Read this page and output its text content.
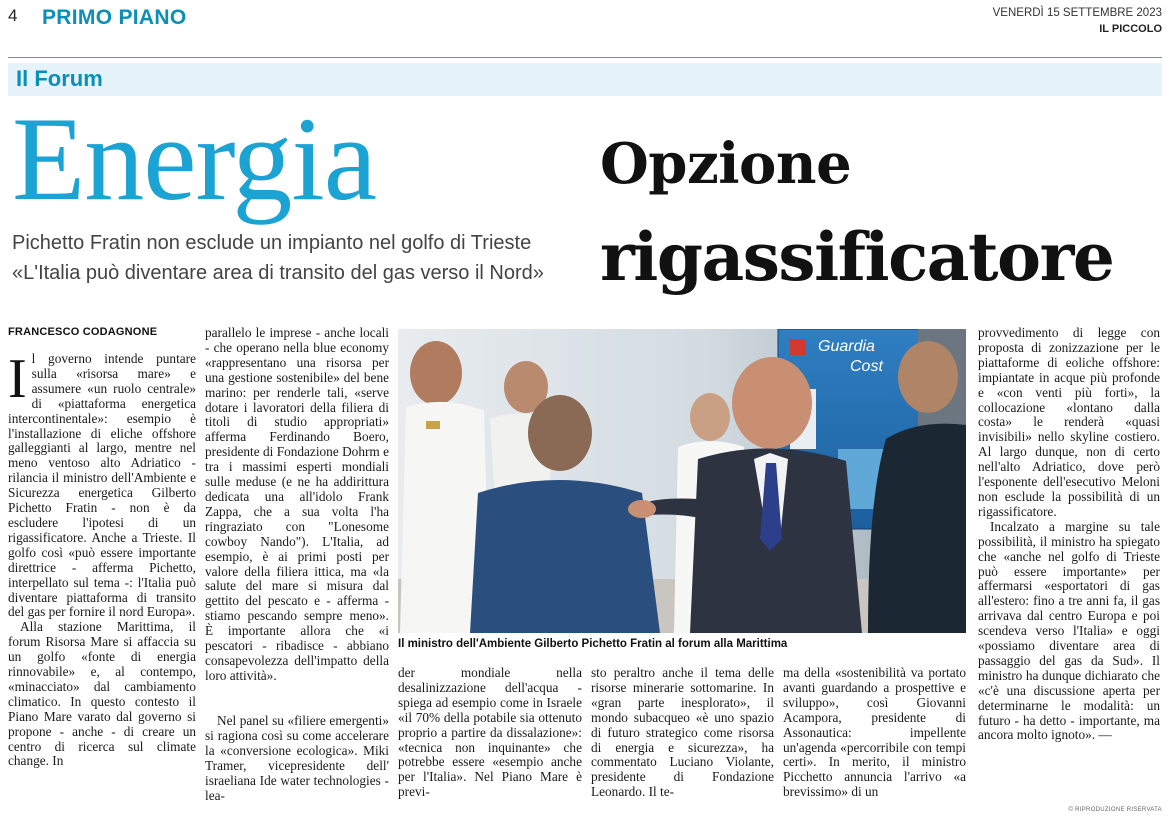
4 PRIMO PIANO	VENERDÌ 15 SETTEMBRE 2023
IL PICCOLO
Il Forum
Energia
Pichetto Fratin non esclude un impianto nel golfo di Trieste
«L'Italia può diventare area di transito del gas verso il Nord»
Opzione
rigassificatore
FRANCESCO CODAGNONE

Il governo intende puntare sulla «risorsa mare» e assumere «un ruolo centrale» di «piattaforma energetica intercontinentale»: esempio è l'installazione di eliche offshore galleggianti al largo, mentre nel meno ventoso alto Adriatico - rilancia il ministro dell'Ambiente e Sicurezza energetica Gilberto Pichetto Fratin - non è da escludere l'ipotesi di un rigassificatore. Anche a Trieste. Il golfo così «può essere importante direttrice - afferma Pichetto, interpellato sul tema -: l'Italia può diventare piattaforma di transito del gas per fornire il nord Europa».

Alla stazione Marittima, il forum Risorsa Mare si affaccia su un golfo «fonte di energia rinnovabile» e, al contempo, «minacciato» dal cambiamento climatico. In questo contesto il Piano Mare varato dal governo si propone - anche - di creare un centro di ricerca sul climate change. In

parallelo le imprese - anche locali - che operano nella blue economy «rappresentano una risorsa per una gestione sostenibile» del bene marino: per renderle tali, «serve dotare i lavoratori della filiera di titoli di studio appropriati» afferma Ferdinando Boero, presidente di Fondazione Dohrm e tra i massimi esperti mondiali sulle meduse (e ne ha addirittura dedicata una all'idolo Frank Zappa, che a sua volta l'ha ringraziato con "Lonesome cowboy Nando"). L'Italia, ad esempio, è ai primi posti per valore della filiera ittica, ma «la salute del mare si misura dal gettito del pescato e - afferma - stiamo pescando sempre meno». È importante allora che «i pescatori - ribadisce - abbiano consapevolezza dell'impatto della loro attività».

Nel panel su «filiere emergenti» si ragiona così su come accelerare la «conversione ecologica». Miki Tramer, vicepresidente dell' israeliana Ide water technologies - lea-

Guardia
Cost
Il ministro dell'Ambiente Gilberto Pichetto Fratin al forum alla Marittima

der mondiale nella desalinizzazione dell'acqua - spiega ad esempio come in Israele «il 70% della potabile sia ottenuto proprio a partire da dissalazione»: «tecnica non inquinante» che potrebbe essere «esempio anche per l'Italia». Nel Piano Mare è previ-

sto peraltro anche il tema delle risorse minerarie sottomarine. In «gran parte inesplorato», il mondo subacqueo «è uno spazio di futuro strategico come risorsa di energia e sicurezza», ha commentato Luciano Violante, presidente di Fondazione Leonardo. Il te-

ma della «sostenibilità va portato avanti guardando a prospettive e sviluppo», così Giovanni Acampora, presidente di Assonautica: impellente un'agenda «percorribile con tempi certi». In merito, il ministro Picchetto annuncia l'arrivo «a brevissimo» di un

provvedimento di legge con proposta di zonizzazione per le piattaforme di eoliche offshore: impiantate in acque più profonde e «con venti più forti», la collocazione «lontano dalla costa» le renderà «quasi invisibili» nello skyline costiero. Al largo dunque, non di certo nell'alto Adriatico, dove però l'esponente dell'esecutivo Meloni non esclude la possibilità di un rigassificatore.

Incalzato a margine su tale possibilità, il ministro ha spiegato che «anche nel golfo di Trieste può essere importante» per affermarsi «esportatori di gas all'estero: fino a tre anni fa, il gas arrivava dal centro Europa e poi scendeva verso l'Italia» e oggi «possiamo diventare area di passaggio del gas da Sud». Il ministro ha dunque dichiarato che «c'è una discussione aperta per determinarne le modalità: un futuro - ha detto - importante, ma ancora molto ignoto». —

© RIPRODUZIONE RISERVATA
